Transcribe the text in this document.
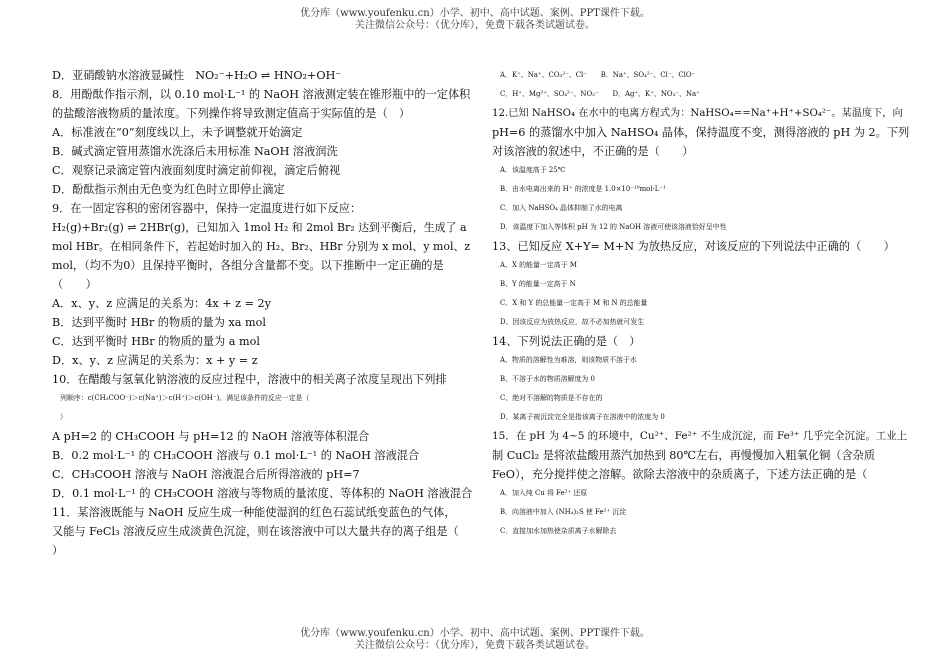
优分库（www.youfenku.cn）小学、初中、高中试题、案例、PPT课件下载。
关注微信公众号：（优分库），免费下载各类试题试卷。
D．亚硝酸钠水溶液显碱性　NO₂⁻+H₂O ⇌ HNO₂+OH⁻
8．用酚酞作指示剂，以 0.10 mol·L⁻¹ 的 NaOH 溶液测定装在锥形瓶中的一定体积
的盐酸溶液物质的量浓度。下列操作将导致测定值高于实际值的是（　）
A．标准液在“0”刻度线以上，未予调整就开始滴定
B．碱式滴定管用蒸馏水洗涤后未用标准 NaOH 溶液润洗
C．观察记录滴定管内液面刻度时滴定前仰视，滴定后俯视
D．酚酞指示剂由无色变为红色时立即停止滴定
9．在一固定容积的密闭容器中，保持一定温度进行如下反应：
H₂(g)+Br₂(g) ⇌ 2HBr(g)，已知加入 1mol H₂ 和 2mol Br₂ 达到平衡后，生成了 a
mol HBr。在相同条件下，若起始时加入的 H₂、Br₂、HBr 分别为 x mol、y mol、z
mol，（均不为0）且保持平衡时，各组分含量都不变。以下推断中一定正确的是
（　　）
A．x、y、z 应满足的关系为：4x + z = 2y
B．达到平衡时 HBr 的物质的量为 xa mol
C．达到平衡时 HBr 的物质的量为 a mol
D．x、y、z 应满足的关系为：x + y = z
10．在醋酸与氢氧化钠溶液的反应过程中，溶液中的相关离子浓度呈现出下列排
列顺序：c(CH₃COO⁻)＞c(Na⁺)＞c(H⁺)＞c(OH⁻)。满足该条件的反应一定是（
）
A pH=2 的 CH₃COOH 与 pH=12 的 NaOH 溶液等体积混合
B．0.2 mol·L⁻¹ 的 CH₃COOH 溶液与 0.1 mol·L⁻¹ 的 NaOH 溶液混合
C．CH₃COOH 溶液与 NaOH 溶液混合后所得溶液的 pH=7
D．0.1 mol·L⁻¹ 的 CH₃COOH 溶液与等物质的量浓度、等体积的 NaOH 溶液混合
11．某溶液既能与 NaOH 反应生成一种能使湿润的红色石蕊试纸变蓝色的气体，
又能与 FeCl₃ 溶液反应生成淡黄色沉淀，则在该溶液中可以大量共存的离子组是（
）
A．K⁺、Na⁺、CO₃²⁻、Cl⁻　　B．Na⁺、SO₄²⁻、Cl⁻、ClO⁻
C．H⁺、Mg²⁺、SO₄²⁻、NO₃⁻　　D．Ag⁺、K⁺、NO₃⁻、Na⁺
12.已知 NaHSO₄ 在水中的电离方程式为：NaHSO₄==Na⁺+H⁺+SO₄²⁻。某温度下，向
pH=6 的蒸馏水中加入 NaHSO₄ 晶体，保持温度不变，测得溶液的 pH 为 2。下列
对该溶液的叙述中，不正确的是（　　）
A．该温度高于 25℃
B．由水电离出来的 H⁺ 的浓度是 1.0×10⁻¹⁰mol·L⁻¹
C．加入 NaHSO₄ 晶体抑制了水的电离
D．该温度下加入等体积 pH 为 12 的 NaOH 溶液可使该溶液恰好呈中性
13、已知反应 X+Y= M+N 为放热反应，对该反应的下列说法中正确的（　　）
A、X 的能量一定高于 M
B、Y 的能量一定高于 N
C、X 和 Y 的总能量一定高于 M 和 N 的总能量
D、因该反应为放热反应，故不必加热就可发生
14、下列说法正确的是（　）
A、物质的溶解性为难溶，则该物质不溶于水
B、不溶于水的物质溶解度为 0
C、绝对不溶解的物质是不存在的
D、某离子被沉淀完全是指该离子在溶液中的浓度为 0
15．在 pH 为 4~5 的环境中，Cu²⁺、Fe²⁺ 不生成沉淀，而 Fe³⁺ 几乎完全沉淀。工业上
制 CuCl₂ 是将浓盐酸用蒸汽加热到 80℃左右，再慢慢加入粗氧化铜（含杂质
FeO），充分搅拌使之溶解。欲除去溶液中的杂质离子，下述方法正确的是（
A．加入纯 Cu 将 Fe²⁺ 还原
B．向溶液中加入 (NH₄)₂S 使 Fe²⁺ 沉淀
C．直接加水加热使杂质离子水解除去
优分库（www.youfenku.cn）小学、初中、高中试题、案例、PPT课件下载。
关注微信公众号：（优分库），免费下载各类试题试卷。
